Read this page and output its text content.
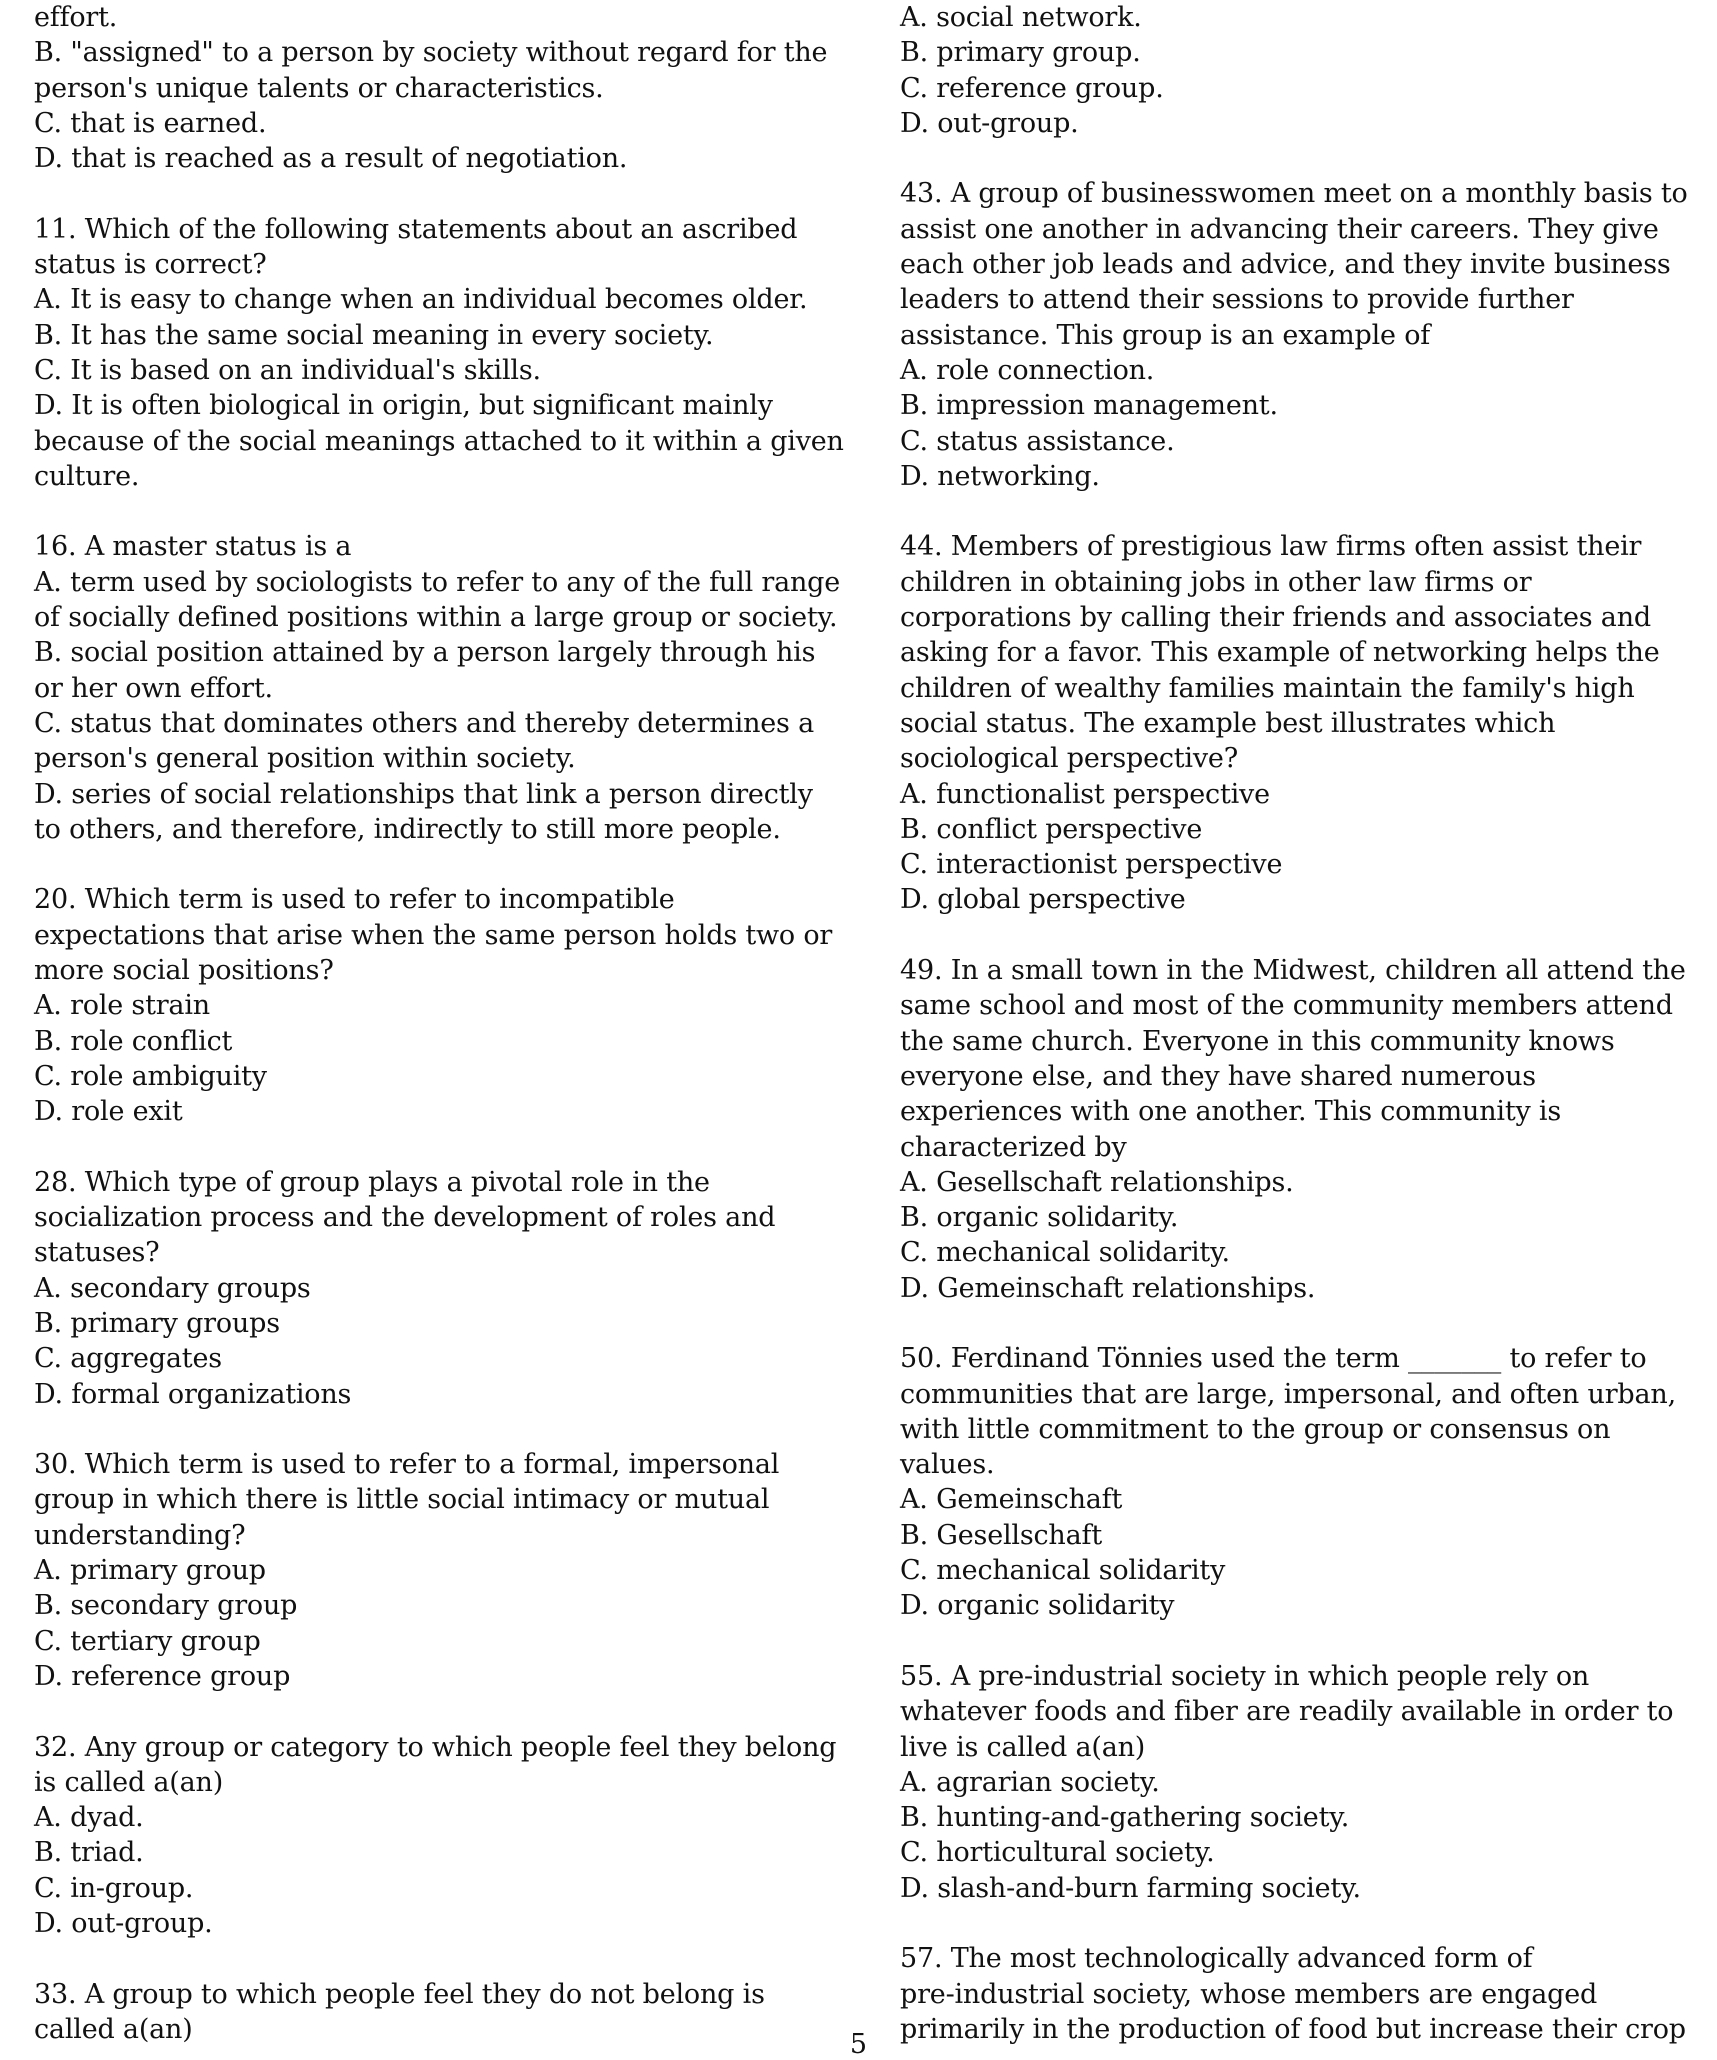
effort.
B. "assigned" to a person by society without regard for the
person's unique talents or characteristics.
C. that is earned.
D. that is reached as a result of negotiation.
11. Which of the following statements about an ascribed
status is correct?
A. It is easy to change when an individual becomes older.
B. It has the same social meaning in every society.
C. It is based on an individual's skills.
D. It is often biological in origin, but significant mainly
because of the social meanings attached to it within a given
culture.
16. A master status is a
A. term used by sociologists to refer to any of the full range
of socially defined positions within a large group or society.
B. social position attained by a person largely through his
or her own effort.
C. status that dominates others and thereby determines a
person's general position within society.
D. series of social relationships that link a person directly
to others, and therefore, indirectly to still more people.
20. Which term is used to refer to incompatible
expectations that arise when the same person holds two or
more social positions?
A. role strain
B. role conflict
C. role ambiguity
D. role exit
28. Which type of group plays a pivotal role in the
socialization process and the development of roles and
statuses?
A. secondary groups
B. primary groups
C. aggregates
D. formal organizations
30. Which term is used to refer to a formal, impersonal
group in which there is little social intimacy or mutual
understanding?
A. primary group
B. secondary group
C. tertiary group
D. reference group
32. Any group or category to which people feel they belong
is called a(an)
A. dyad.
B. triad.
C. in-group.
D. out-group.
33. A group to which people feel they do not belong is
called a(an)
A. social network.
B. primary group.
C. reference group.
D. out-group.
43. A group of businesswomen meet on a monthly basis to
assist one another in advancing their careers. They give
each other job leads and advice, and they invite business
leaders to attend their sessions to provide further
assistance. This group is an example of
A. role connection.
B. impression management.
C. status assistance.
D. networking.
44. Members of prestigious law firms often assist their
children in obtaining jobs in other law firms or
corporations by calling their friends and associates and
asking for a favor. This example of networking helps the
children of wealthy families maintain the family's high
social status. The example best illustrates which
sociological perspective?
A. functionalist perspective
B. conflict perspective
C. interactionist perspective
D. global perspective
49. In a small town in the Midwest, children all attend the
same school and most of the community members attend
the same church. Everyone in this community knows
everyone else, and they have shared numerous
experiences with one another. This community is
characterized by
A. Gesellschaft relationships.
B. organic solidarity.
C. mechanical solidarity.
D. Gemeinschaft relationships.
50. Ferdinand Tönnies used the term _______ to refer to
communities that are large, impersonal, and often urban,
with little commitment to the group or consensus on
values.
A. Gemeinschaft
B. Gesellschaft
C. mechanical solidarity
D. organic solidarity
55. A pre-industrial society in which people rely on
whatever foods and fiber are readily available in order to
live is called a(an)
A. agrarian society.
B. hunting-and-gathering society.
C. horticultural society.
D. slash-and-burn farming society.
57. The most technologically advanced form of
pre-industrial society, whose members are engaged
primarily in the production of food but increase their crop
5
